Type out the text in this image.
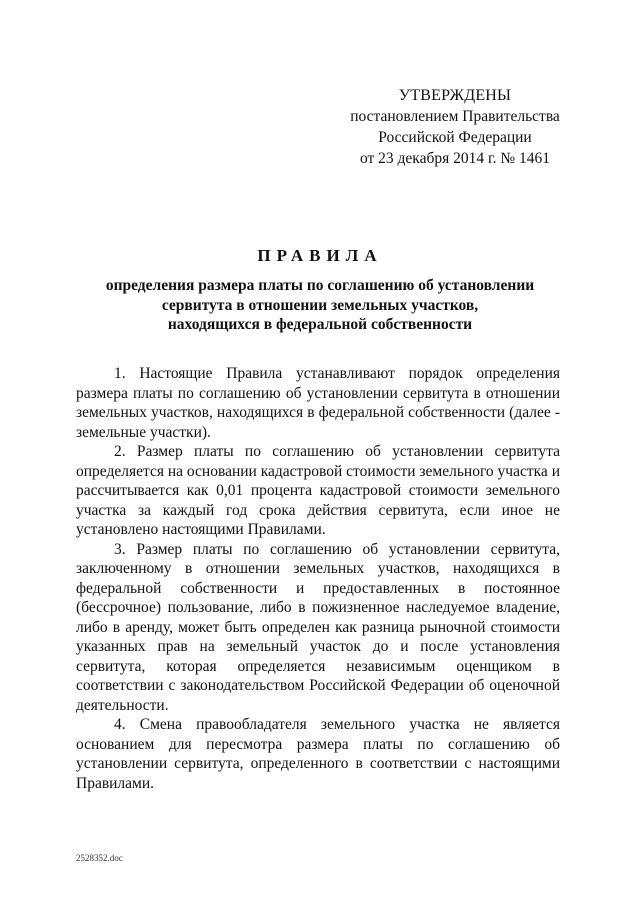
УТВЕРЖДЕНЫ
постановлением Правительства
Российской Федерации
от 23 декабря 2014 г. № 1461
ПРАВИЛА
определения размера платы по соглашению об установлении
сервитута в отношении земельных участков,
находящихся в федеральной собственности

1. Настоящие Правила устанавливают порядок определения размера платы по соглашению об установлении сервитута в отношении земельных участков, находящихся в федеральной собственности (далее - земельные участки).

2. Размер платы по соглашению об установлении сервитута определяется на основании кадастровой стоимости земельного участка и рассчитывается как 0,01 процента кадастровой стоимости земельного участка за каждый год срока действия сервитута, если иное не установлено настоящими Правилами.

3. Размер платы по соглашению об установлении сервитута, заключенному в отношении земельных участков, находящихся в федеральной собственности и предоставленных в постоянное (бессрочное) пользование, либо в пожизненное наследуемое владение, либо в аренду, может быть определен как разница рыночной стоимости указанных прав на земельный участок до и после установления сервитута, которая определяется независимым оценщиком в соответствии с законодательством Российской Федерации об оценочной деятельности.

4. Смена правообладателя земельного участка не является основанием для пересмотра размера платы по соглашению об установлении сервитута, определенного в соответствии с настоящими Правилами.

2528352.doc
